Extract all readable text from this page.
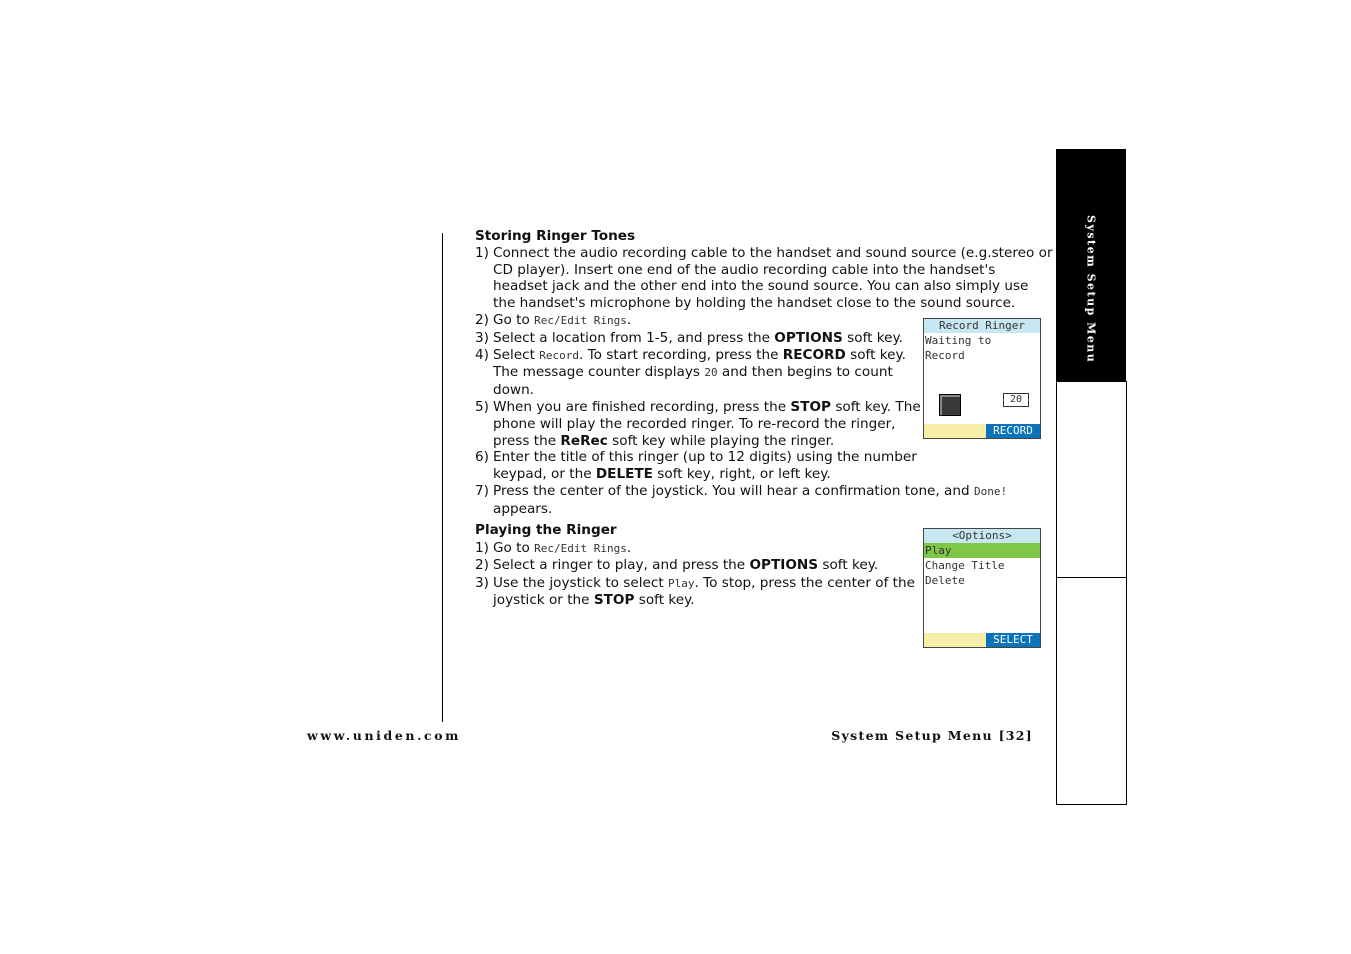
Storing Ringer Tones

1) Connect the audio recording cable to the handset and sound source (e.g.stereo or CD player). Insert one end of the audio recording cable into the handset's headset jack and the other end into the sound source. You can also simply use the handset's microphone by holding the handset close to the sound source.
2) Go to Rec/Edit Rings.
3) Select a location from 1-5, and press the OPTIONS soft key.
4) Select Record. To start recording, press the RECORD soft key. The message counter displays 20 and then begins to count down.
5) When you are finished recording, press the STOP soft key. The phone will play the recorded ringer. To re-record the ringer, press the ReRec soft key while playing the ringer.
6) Enter the title of this ringer (up to 12 digits) using the number keypad, or the DELETE soft key, right, or left key.
7) Press the center of the joystick. You will hear a confirmation tone, and Done! appears.

Playing the Ringer

1) Go to Rec/Edit Rings.
2) Select a ringer to play, and press the OPTIONS soft key.
3) Use the joystick to select Play. To stop, press the center of the joystick or the STOP soft key.
Record Ringer
Waiting to
Record
20
RECORD
<Options>
Play
Change Title
Delete
SELECT
System Setup Menu
www.uniden.com	System Setup Menu [32]
